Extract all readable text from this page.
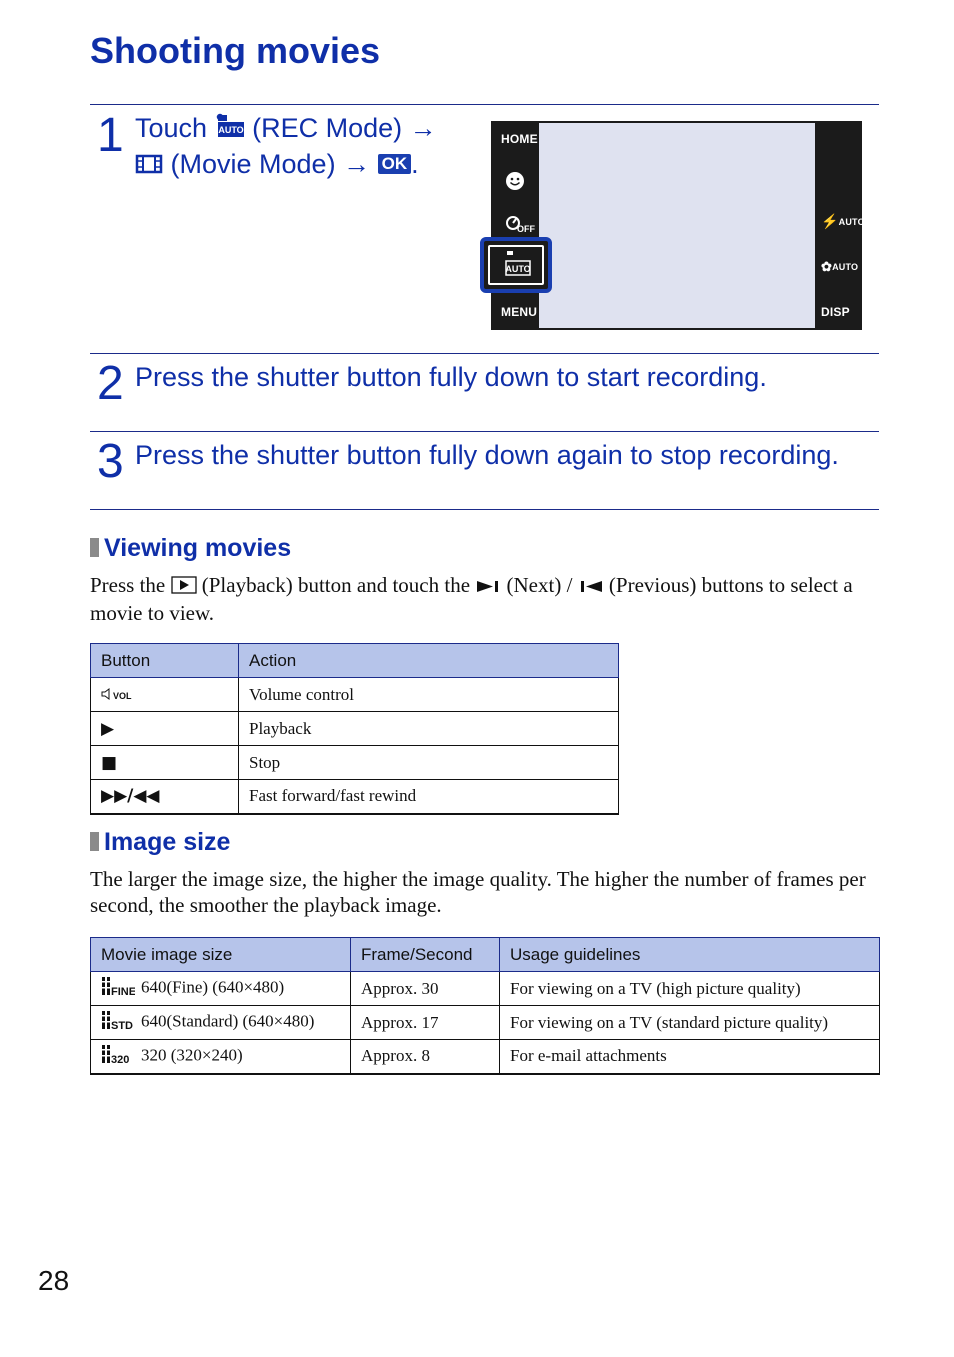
Shooting movies
1 Touch AUTO (REC Mode) →
(Movie Mode) → OK .
HOME
OFF
MENU
⚡ AUTO
✿ AUTO
DISP
AUTO
2 Press the shutter button fully down to start recording.
3 Press the shutter button fully down again to stop recording.
Viewing movies
Press the (Playback) button and touch the (Next) / (Previous) buttons to select a movie to view.
Button	Action
VOL	Volume control
▶	Playback
■	Stop
▶▶/◀◀	Fast forward/fast rewind
Image size
The larger the image size, the higher the image quality. The higher the number of frames per second, the smoother the playback image.
Movie image size	Frame/Second	Usage guidelines

FINE 640(Fine) (640×480)	Approx. 30	For viewing on a TV (high picture quality)

STD 640(Standard) (640×480)	Approx. 17	For viewing on a TV (standard picture quality)

320 320 (320×240)	Approx. 8	For e-mail attachments
28
